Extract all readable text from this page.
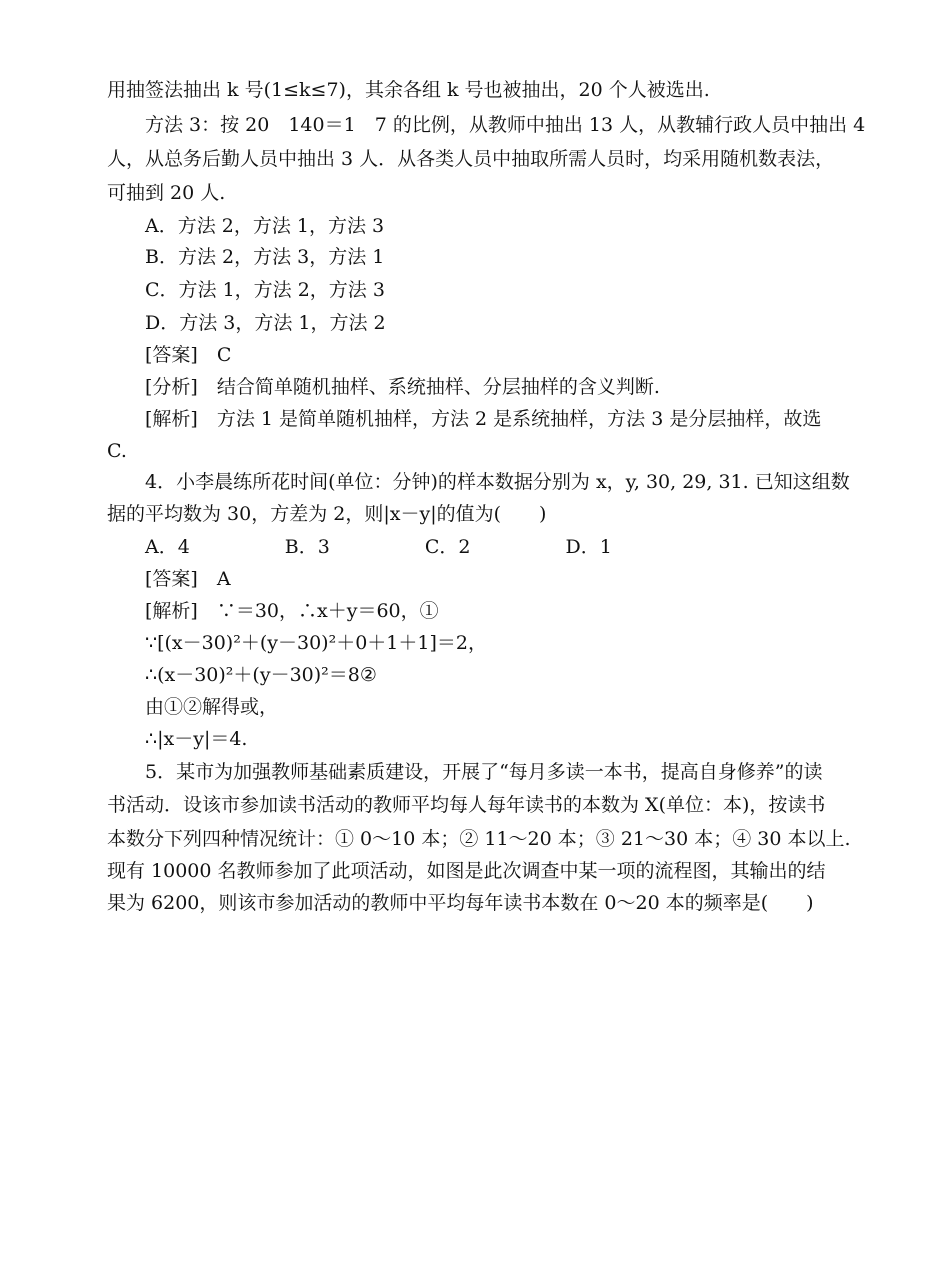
用抽签法抽出 k 号(1≤k≤7)，其余各组 k 号也被抽出，20 个人被选出.
方法 3：按 20　140＝1　7 的比例，从教师中抽出 13 人，从教辅行政人员中抽出 4
人，从总务后勤人员中抽出 3 人．从各类人员中抽取所需人员时，均采用随机数表法，
可抽到 20 人.
A．方法 2，方法 1，方法 3
B．方法 2，方法 3，方法 1
C．方法 1，方法 2，方法 3
D．方法 3，方法 1，方法 2
[答案]　C
[分析]　结合简单随机抽样、系统抽样、分层抽样的含义判断.
[解析]　方法 1 是简单随机抽样，方法 2 是系统抽样，方法 3 是分层抽样，故选
C.
4．小李晨练所花时间(单位：分钟)的样本数据分别为 x，y, 30, 29, 31. 已知这组数
据的平均数为 30，方差为 2，则|x－y|的值为(　　)
A．4　　　　　B．3　　　　　C．2　　　　　D．1
[答案]　A
[解析]　∵＝30，∴x＋y＝60，①
∵[(x－30)²＋(y－30)²＋0＋1＋1]＝2，
∴(x－30)²＋(y－30)²＝8②
由①②解得或，
∴|x－y|＝4.
5．某市为加强教师基础素质建设，开展了“每月多读一本书，提高自身修养”的读
书活动．设该市参加读书活动的教师平均每人每年读书的本数为 X(单位：本)，按读书
本数分下列四种情况统计：① 0～10 本；② 11～20 本；③ 21～30 本；④ 30 本以上.
现有 10000 名教师参加了此项活动，如图是此次调查中某一项的流程图，其输出的结
果为 6200，则该市参加活动的教师中平均每年读书本数在 0～20 本的频率是(　　)
